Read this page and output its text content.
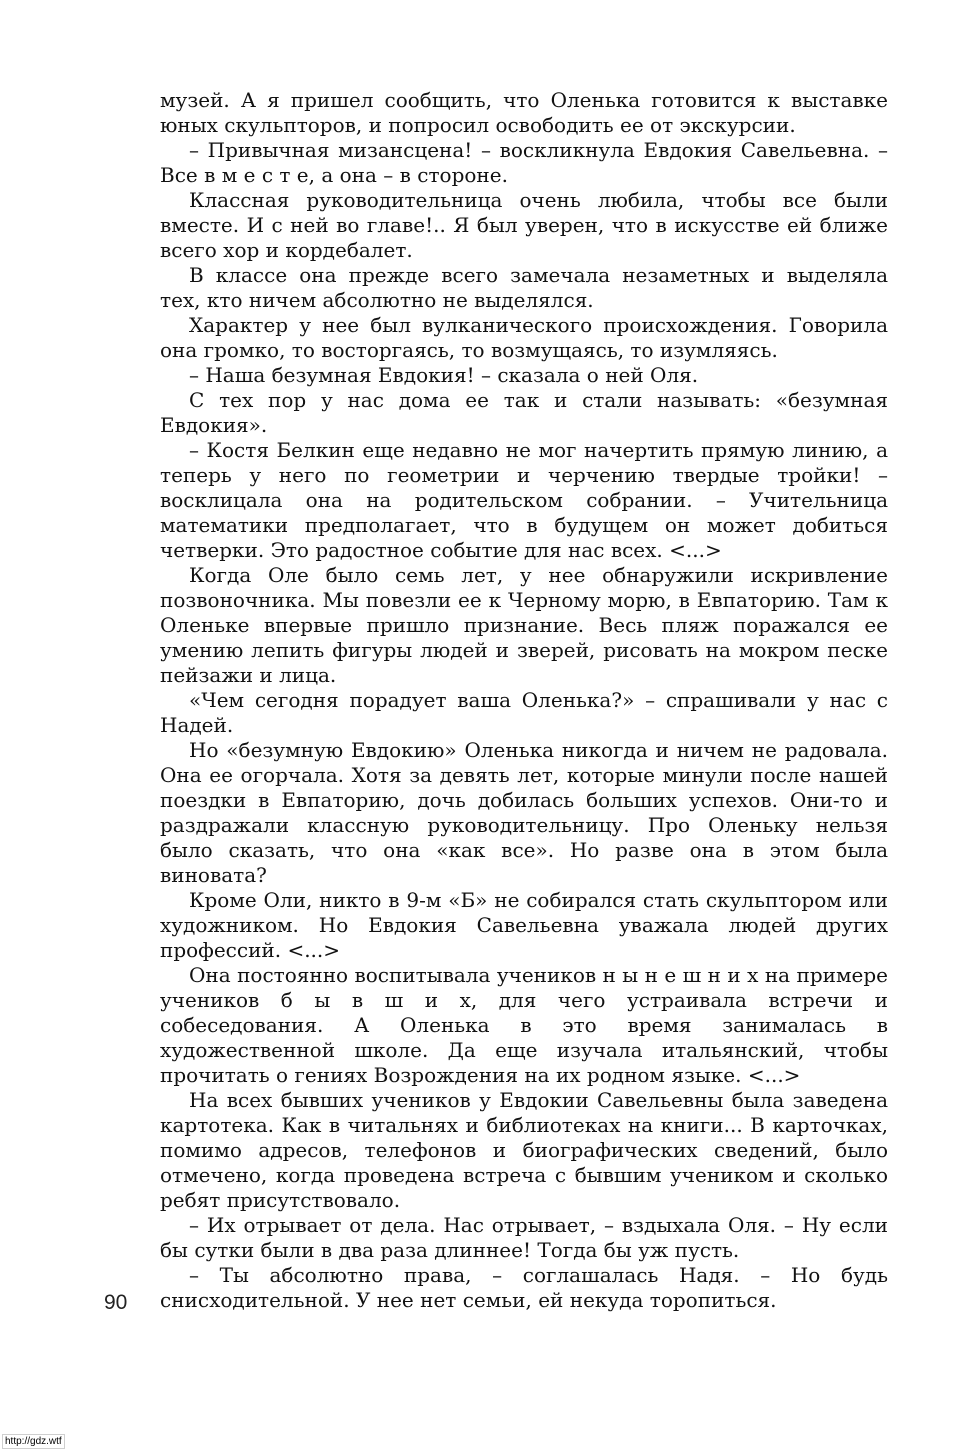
музей. А я пришел сообщить, что Оленька готовится к выставке юных скульпторов, и попросил освободить ее от экскурсии.

– Привычная мизансцена! – воскликнула Евдокия Савельевна. – Все в м е с т е, а она – в стороне.

Классная руководительница очень любила, чтобы все были вместе. И с ней во главе!.. Я был уверен, что в искусстве ей ближе всего хор и кордебалет.

В классе она прежде всего замечала незаметных и выделяла тех, кто ничем абсолютно не выделялся.

Характер у нее был вулканического происхождения. Говорила она громко, то восторгаясь, то возмущаясь, то изумляясь.

– Наша безумная Евдокия! – сказала о ней Оля.

С тех пор у нас дома ее так и стали называть: «безумная Евдокия».

– Костя Белкин еще недавно не мог начертить прямую линию, а теперь у него по геометрии и черчению твердые тройки! – восклицала она на родительском собрании. – Учительница математики предполагает, что в будущем он может добиться четверки. Это радостное событие для нас всех. <...>

Когда Оле было семь лет, у нее обнаружили искривление позвоночника. Мы повезли ее к Черному морю, в Евпаторию. Там к Оленьке впервые пришло признание. Весь пляж поражался ее умению лепить фигуры людей и зверей, рисовать на мокром песке пейзажи и лица.

«Чем сегодня порадует ваша Оленька?» – спрашивали у нас с Надей.

Но «безумную Евдокию» Оленька никогда и ничем не радовала. Она ее огорчала. Хотя за девять лет, которые минули после нашей поездки в Евпаторию, дочь добилась больших успехов. Они-то и раздражали классную руководительницу. Про Оленьку нельзя было сказать, что она «как все». Но разве она в этом была виновата?

Кроме Оли, никто в 9-м «Б» не собирался стать скульптором или художником. Но Евдокия Савельевна уважала людей других профессий. <...>

Она постоянно воспитывала учеников н ы н е ш н и х на примере учеников б ы в ш и х, для чего устраивала встречи и собеседования. А Оленька в это время занималась в художественной школе. Да еще изучала итальянский, чтобы прочитать о гениях Возрождения на их родном языке. <...>

На всех бывших учеников у Евдокии Савельевны была заведена картотека. Как в читальнях и библиотеках на книги... В карточках, помимо адресов, телефонов и биографических сведений, было отмечено, когда проведена встреча с бывшим учеником и сколько ребят присутствовало.

– Их отрывает от дела. Нас отрывает, – вздыхала Оля. – Ну если бы сутки были в два раза длиннее! Тогда бы уж пусть.

– Ты абсолютно права, – соглашалась Надя. – Но будь снисходительной. У нее нет семьи, ей некуда торопиться.

90
http://gdz.wtf
